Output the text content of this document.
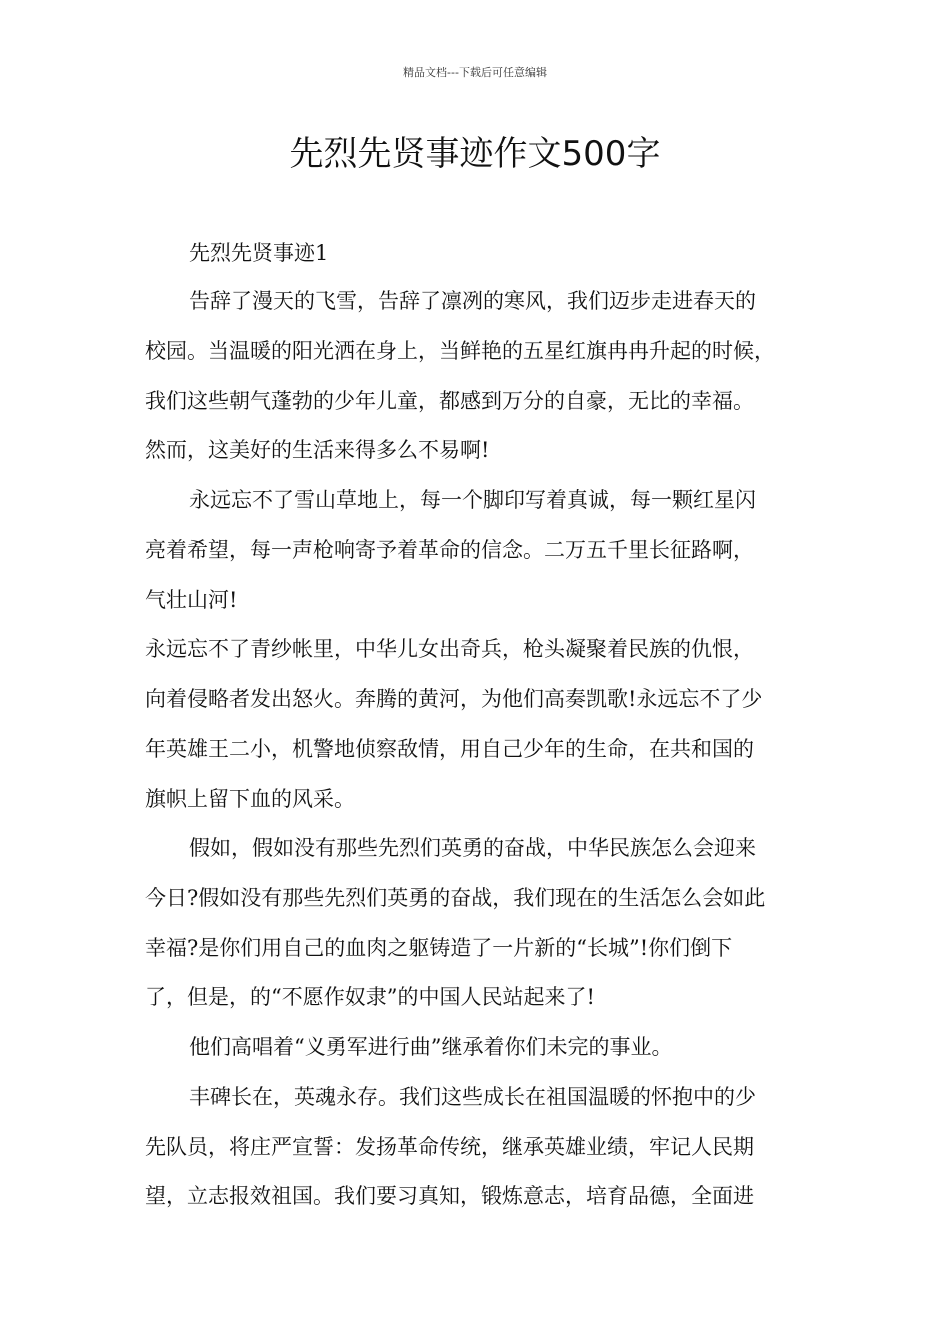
精品文档---下载后可任意编辑
先烈先贤事迹作文500字
先烈先贤事迹1
告辞了漫天的飞雪，告辞了凛冽的寒风，我们迈步走进春天的
校园。当温暖的阳光洒在身上，当鲜艳的五星红旗冉冉升起的时候，
我们这些朝气蓬勃的少年儿童，都感到万分的自豪，无比的幸福。
然而，这美好的生活来得多么不易啊!
永远忘不了雪山草地上，每一个脚印写着真诚，每一颗红星闪
亮着希望，每一声枪响寄予着革命的信念。二万五千里长征路啊，
气壮山河!
永远忘不了青纱帐里，中华儿女出奇兵，枪头凝聚着民族的仇恨，
向着侵略者发出怒火。奔腾的黄河，为他们高奏凯歌!永远忘不了少
年英雄王二小，机警地侦察敌情，用自己少年的生命，在共和国的
旗帜上留下血的风采。
假如，假如没有那些先烈们英勇的奋战，中华民族怎么会迎来
今日?假如没有那些先烈们英勇的奋战，我们现在的生活怎么会如此
幸福?是你们用自己的血肉之躯铸造了一片新的“长城”!你们倒下
了，但是，的“不愿作奴隶”的中国人民站起来了!
他们高唱着“义勇军进行曲”继承着你们未完的事业。
丰碑长在，英魂永存。我们这些成长在祖国温暖的怀抱中的少
先队员，将庄严宣誓：发扬革命传统，继承英雄业绩，牢记人民期
望，立志报效祖国。我们要习真知，锻炼意志，培育品德，全面进
